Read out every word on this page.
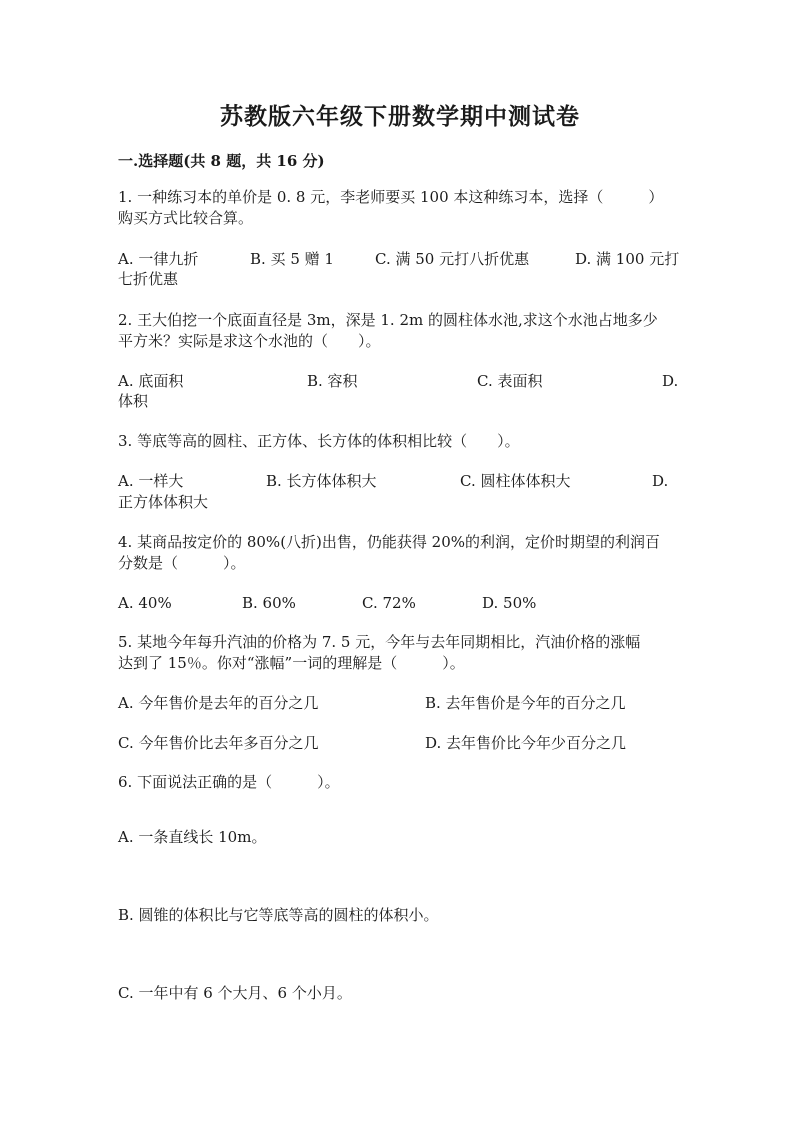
苏教版六年级下册数学期中测试卷
一.选择题(共 8 题，共 16 分)
1. 一种练习本的单价是 0. 8 元，李老师要买 100 本这种练习本，选择（　　　）
购买方式比较合算。
A. 一律九折	B. 买 5 赠 1	C. 满 50 元打八折优惠	D. 满 100 元打
七折优惠
2. 王大伯挖一个底面直径是 3m，深是 1. 2m 的圆柱体水池,求这个水池占地多少
平方米？实际是求这个水池的（　　）。
A. 底面积	B. 容积	C. 表面积	D.
体积
3. 等底等高的圆柱、正方体、长方体的体积相比较（　　）。
A. 一样大	B. 长方体体积大	C. 圆柱体体积大	D.
正方体体积大
4. 某商品按定价的 80%(八折)出售，仍能获得 20%的利润，定价时期望的利润百
分数是（　　　）。
A. 40%	B. 60%	C. 72%	D. 50%
5. 某地今年每升汽油的价格为 7. 5 元，今年与去年同期相比，汽油价格的涨幅
达到了 15％。你对“涨幅”一词的理解是（　　　）。
A. 今年售价是去年的百分之几	B. 去年售价是今年的百分之几
C. 今年售价比去年多百分之几	D. 去年售价比今年少百分之几
6. 下面说法正确的是（　　　）。
A. 一条直线长 10m。
B. 圆锥的体积比与它等底等高的圆柱的体积小。
C. 一年中有 6 个大月、6 个小月。
